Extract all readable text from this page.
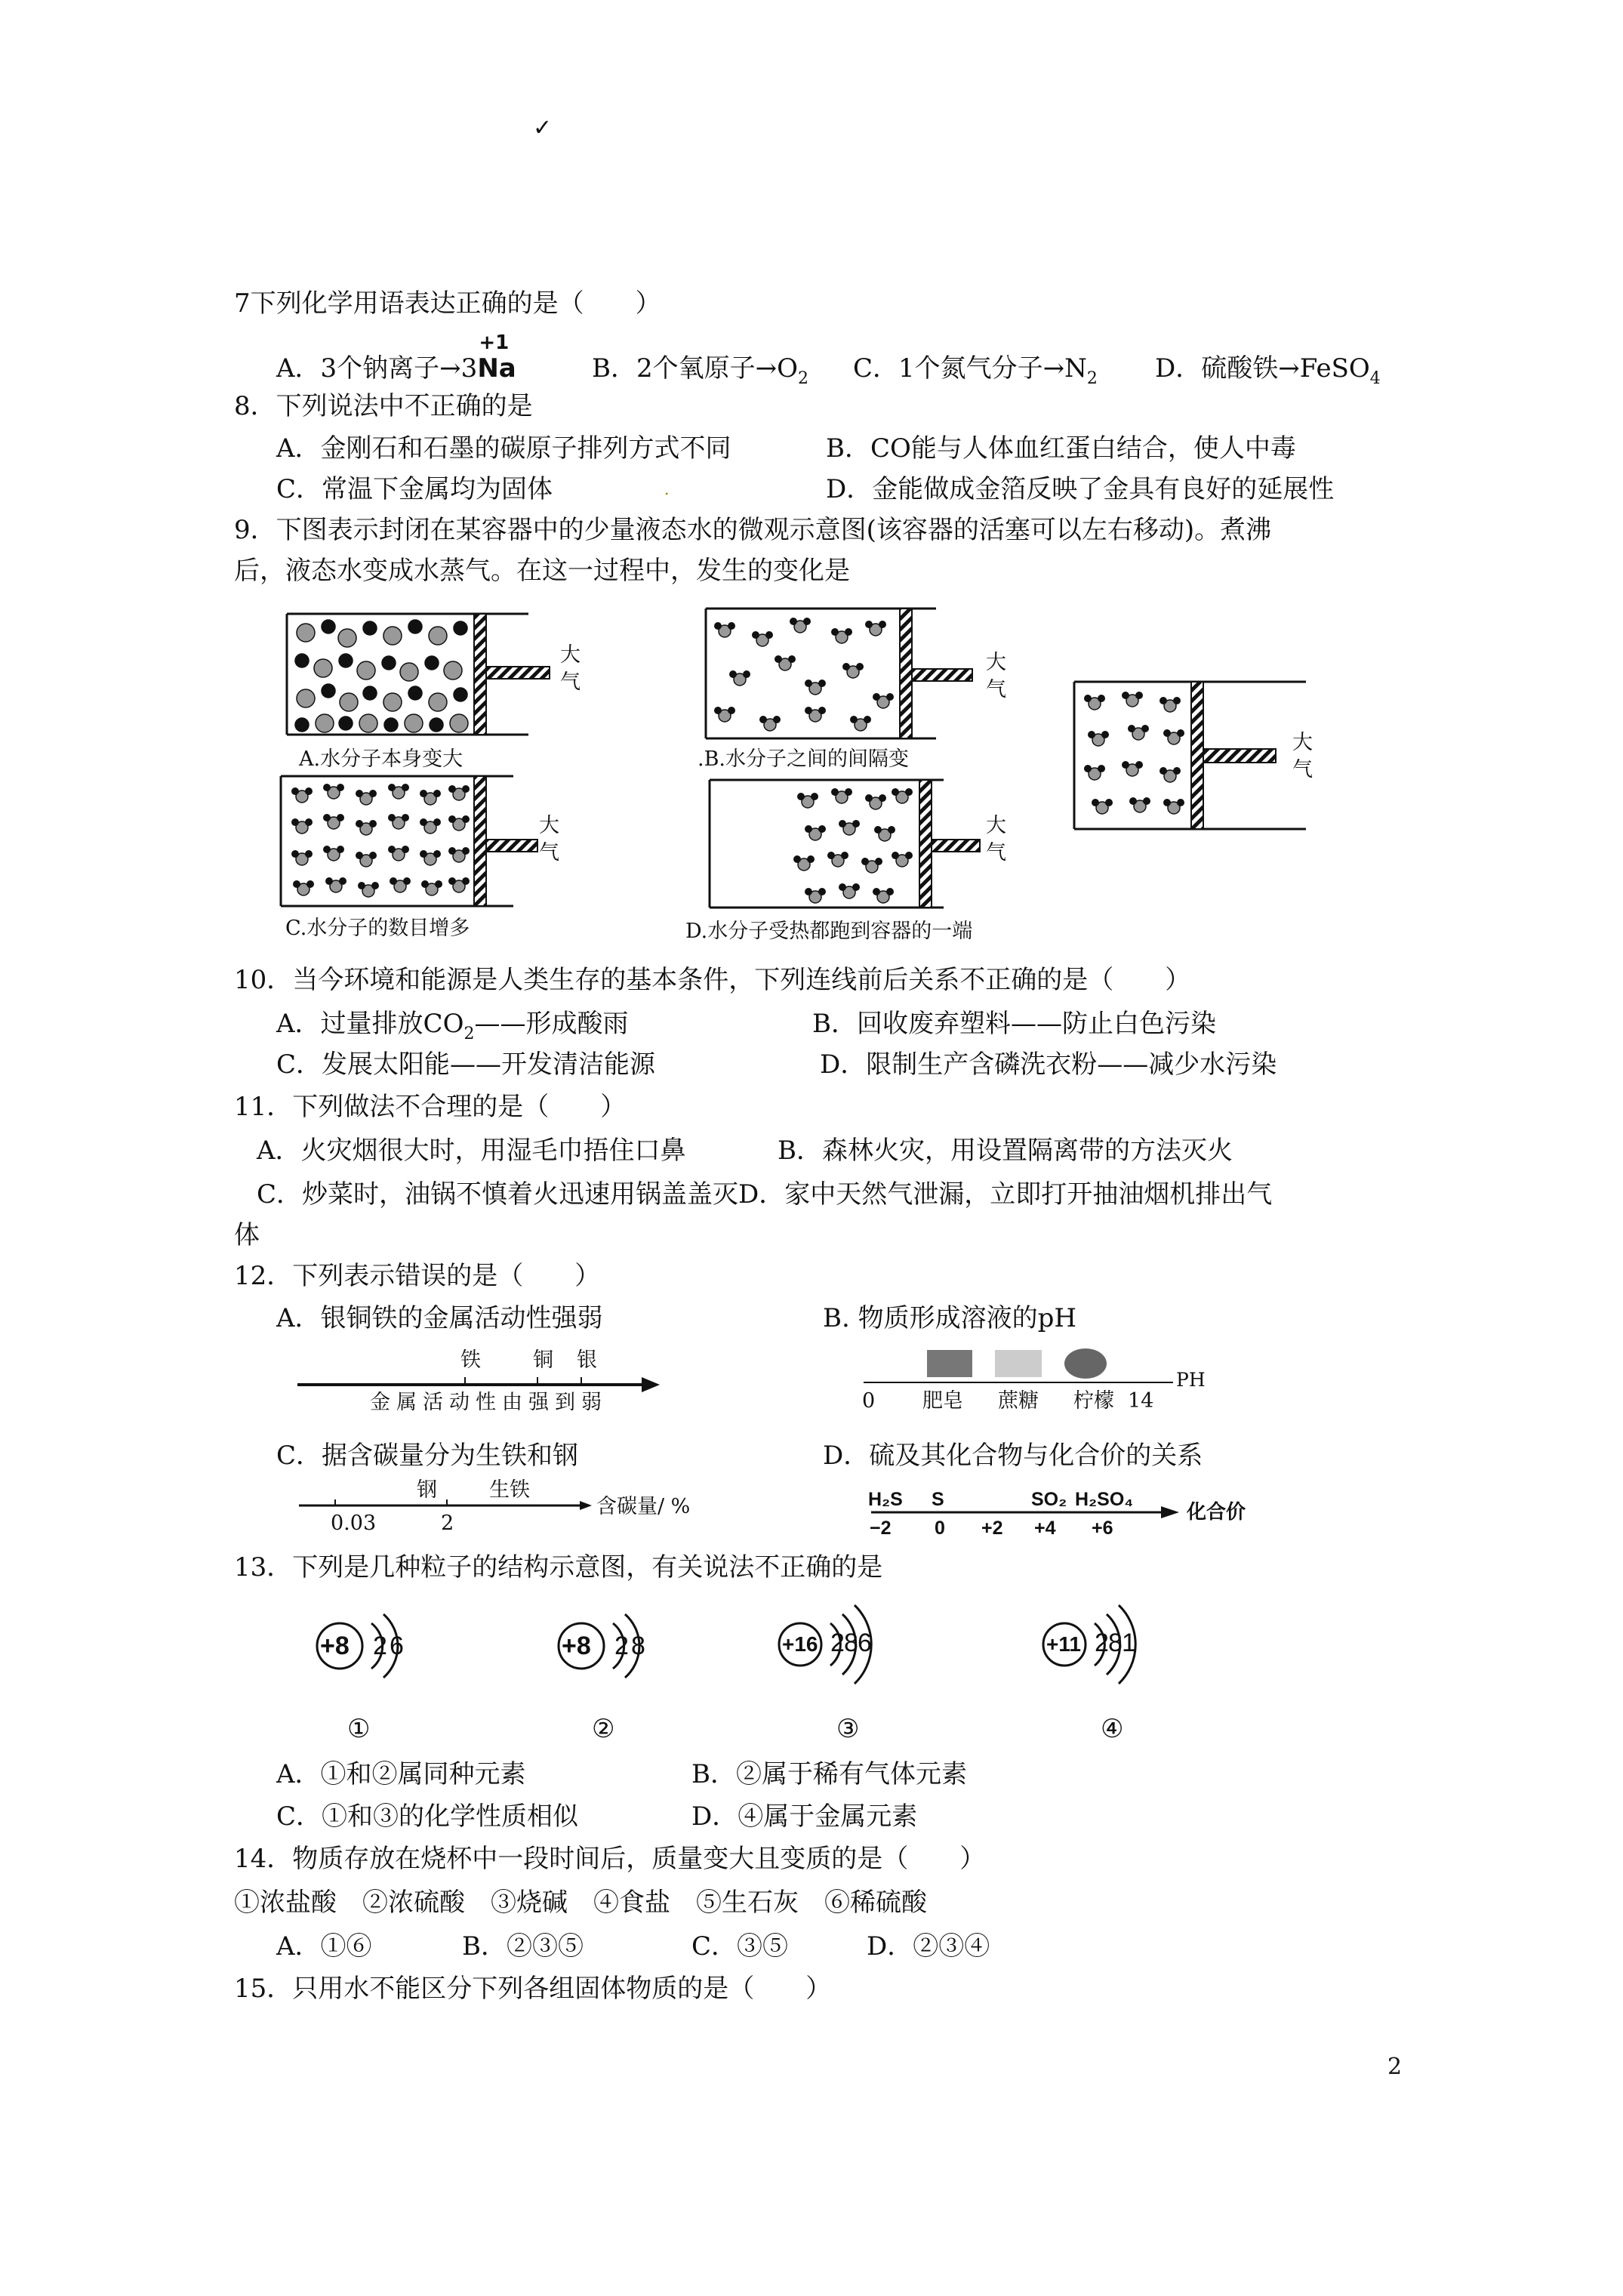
✓
7下列化学用语表达正确的是（　　）
A．3个钠离子→3
+1
Na	B．2个氧原子$\to O_2$ C．1个氮气分子$\to N_2$ D．硫酸铁→FeSO$_4$
8．下列说法中不正确的是
A．金刚石和石墨的碳原子排列方式不同	B．CO能与人体血红蛋白结合，使人中毒
C．常温下金属均为固体	.	D．金能做成金箔反映了金具有良好的延展性
9．下图表示封闭在某容器中的少量液态水的微观示意图(该容器的活塞可以左右移动)。煮沸
后，液态水变成水蒸气。在这一过程中，发生的变化是
大
气
大
气
大
气
大
气
大
气
A.水分子本身变大	.B.水分子之间的间隔变
C.水分子的数目增多	D.水分子受热都跑到容器的一端
10．当今环境和能源是人类生存的基本条件，下列连线前后关系不正确的是（　　）
A．过量排放$CO_2——$形成酸雨	B．回收废弃塑料——防止白色污染
C．发展太阳能——开发清洁能源	D．限制生产含磷洗衣粉——减少水污染
11．下列做法不合理的是（　　）
A．火灾烟很大时，用湿毛巾捂住口鼻	B．森林火灾，用设置隔离带的方法灭火
C．炒菜时，油锅不慎着火迅速用锅盖盖灭D．家中天然气泄漏，立即打开抽油烟机排出气
体
12．下列表示错误的是（　　）
A．银铜铁的金属活动性强弱	B. 物质形成溶液的pH
铁	铜 银
金属活动性由强到弱
PH
0 肥皂 蔗糖 柠檬 14
C．据含碳量分为生铁和钢	D．硫及其化合物与化合价的关系
钢	生铁
含碳量/ %
0.03	2
H₂S S	SO₂ H₂SO₄
化合价
−2 0 +2 +4 +6
13．下列是几种粒子的结构示意图，有关说法不正确的是
+8 2 6	+8 2 8	+16 2 8 6	+11 2 8 1
①	②	③	④
A．①和②属同种元素	B．②属于稀有气体元素
C．①和③的化学性质相似	D．④属于金属元素
14．物质存放在烧杯中一段时间后，质量变大且变质的是（　　）
①浓盐酸　②浓硫酸　③烧碱　④食盐　⑤生石灰　⑥稀硫酸
A．①⑥	B．②③⑤	C．③⑤	D．②③④
15．只用水不能区分下列各组固体物质的是（　　）
2
